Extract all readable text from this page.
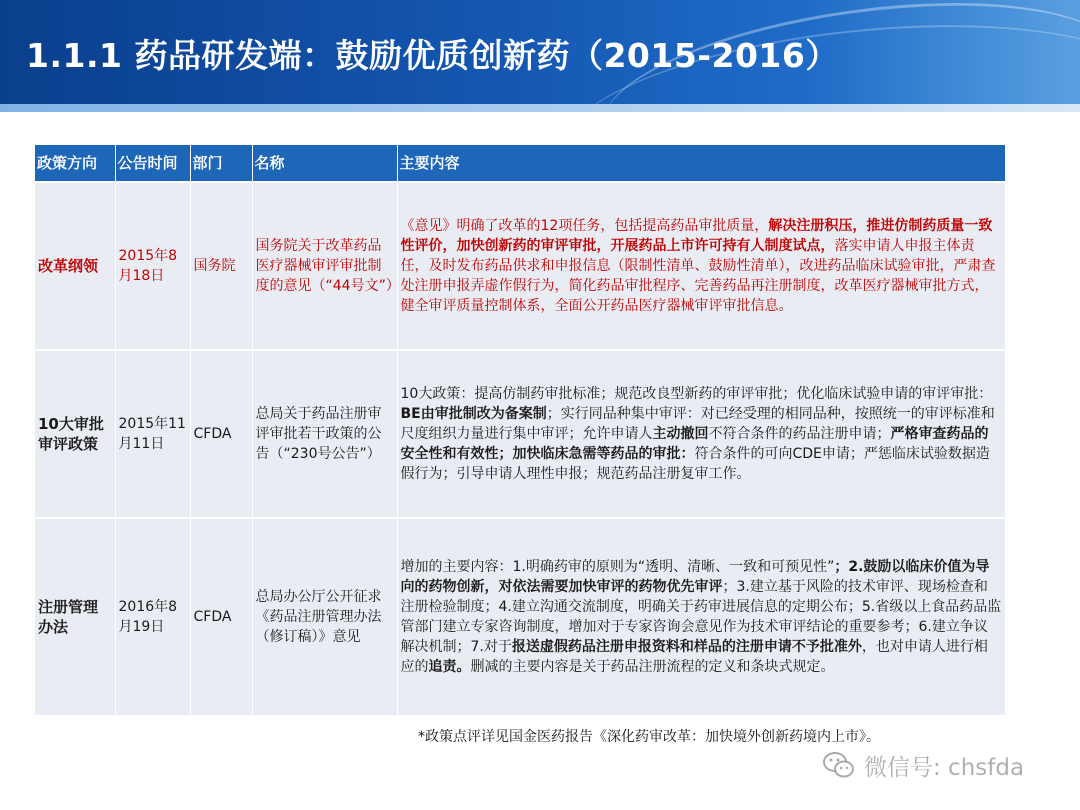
1.1.1 药品研发端：鼓励优质创新药（2015-2016）
政策方向	公告时间	部门	名称	主要内容
改革纲领	2015年8月18日	国务院	国务院关于改革药品医疗器械审评审批制度的意见（“44号文”）	《意见》明确了改革的12项任务，包括提高药品审批质量，解决注册积压，推进仿制药质量一致性评价，加快创新药的审评审批，开展药品上市许可持有人制度试点，落实申请人申报主体责任，及时发布药品供求和申报信息（限制性清单、鼓励性清单），改进药品临床试验审批，严肃查处注册申报弄虚作假行为，简化药品审批程序、完善药品再注册制度，改革医疗器械审批方式，健全审评质量控制体系，全面公开药品医疗器械审评审批信息。
10大审批审评政策	2015年11月11日	CFDA	总局关于药品注册审评审批若干政策的公告（“230号公告”）	10大政策：提高仿制药审批标准；规范改良型新药的审评审批；优化临床试验申请的审评审批：BE由审批制改为备案制；实行同品种集中审评：对已经受理的相同品种，按照统一的审评标准和尺度组织力量进行集中审评；允许申请人主动撤回不符合条件的药品注册申请；严格审查药品的安全性和有效性；加快临床急需等药品的审批：符合条件的可向CDE申请；严惩临床试验数据造假行为；引导申请人理性申报；规范药品注册复审工作。
注册管理办法	2016年8月19日	CFDA	总局办公厅公开征求《药品注册管理办法（修订稿）》意见	增加的主要内容：1.明确药审的原则为“透明、清晰、一致和可预见性”；2.鼓励以临床价值为导向的药物创新，对依法需要加快审评的药物优先审评；3.建立基于风险的技术审评、现场检查和注册检验制度；4.建立沟通交流制度，明确关于药审进展信息的定期公布；5.省级以上食品药品监管部门建立专家咨询制度，增加对于专家咨询会意见作为技术审评结论的重要参考；6.建立争议解决机制；7.对于报送虚假药品注册申报资料和样品的注册申请不予批准外，也对申请人进行相应的追责。删减的主要内容是关于药品注册流程的定义和条块式规定。
*政策点评详见国金医药报告《深化药审改革：加快境外创新药境内上市》。
微信号: chsfda
